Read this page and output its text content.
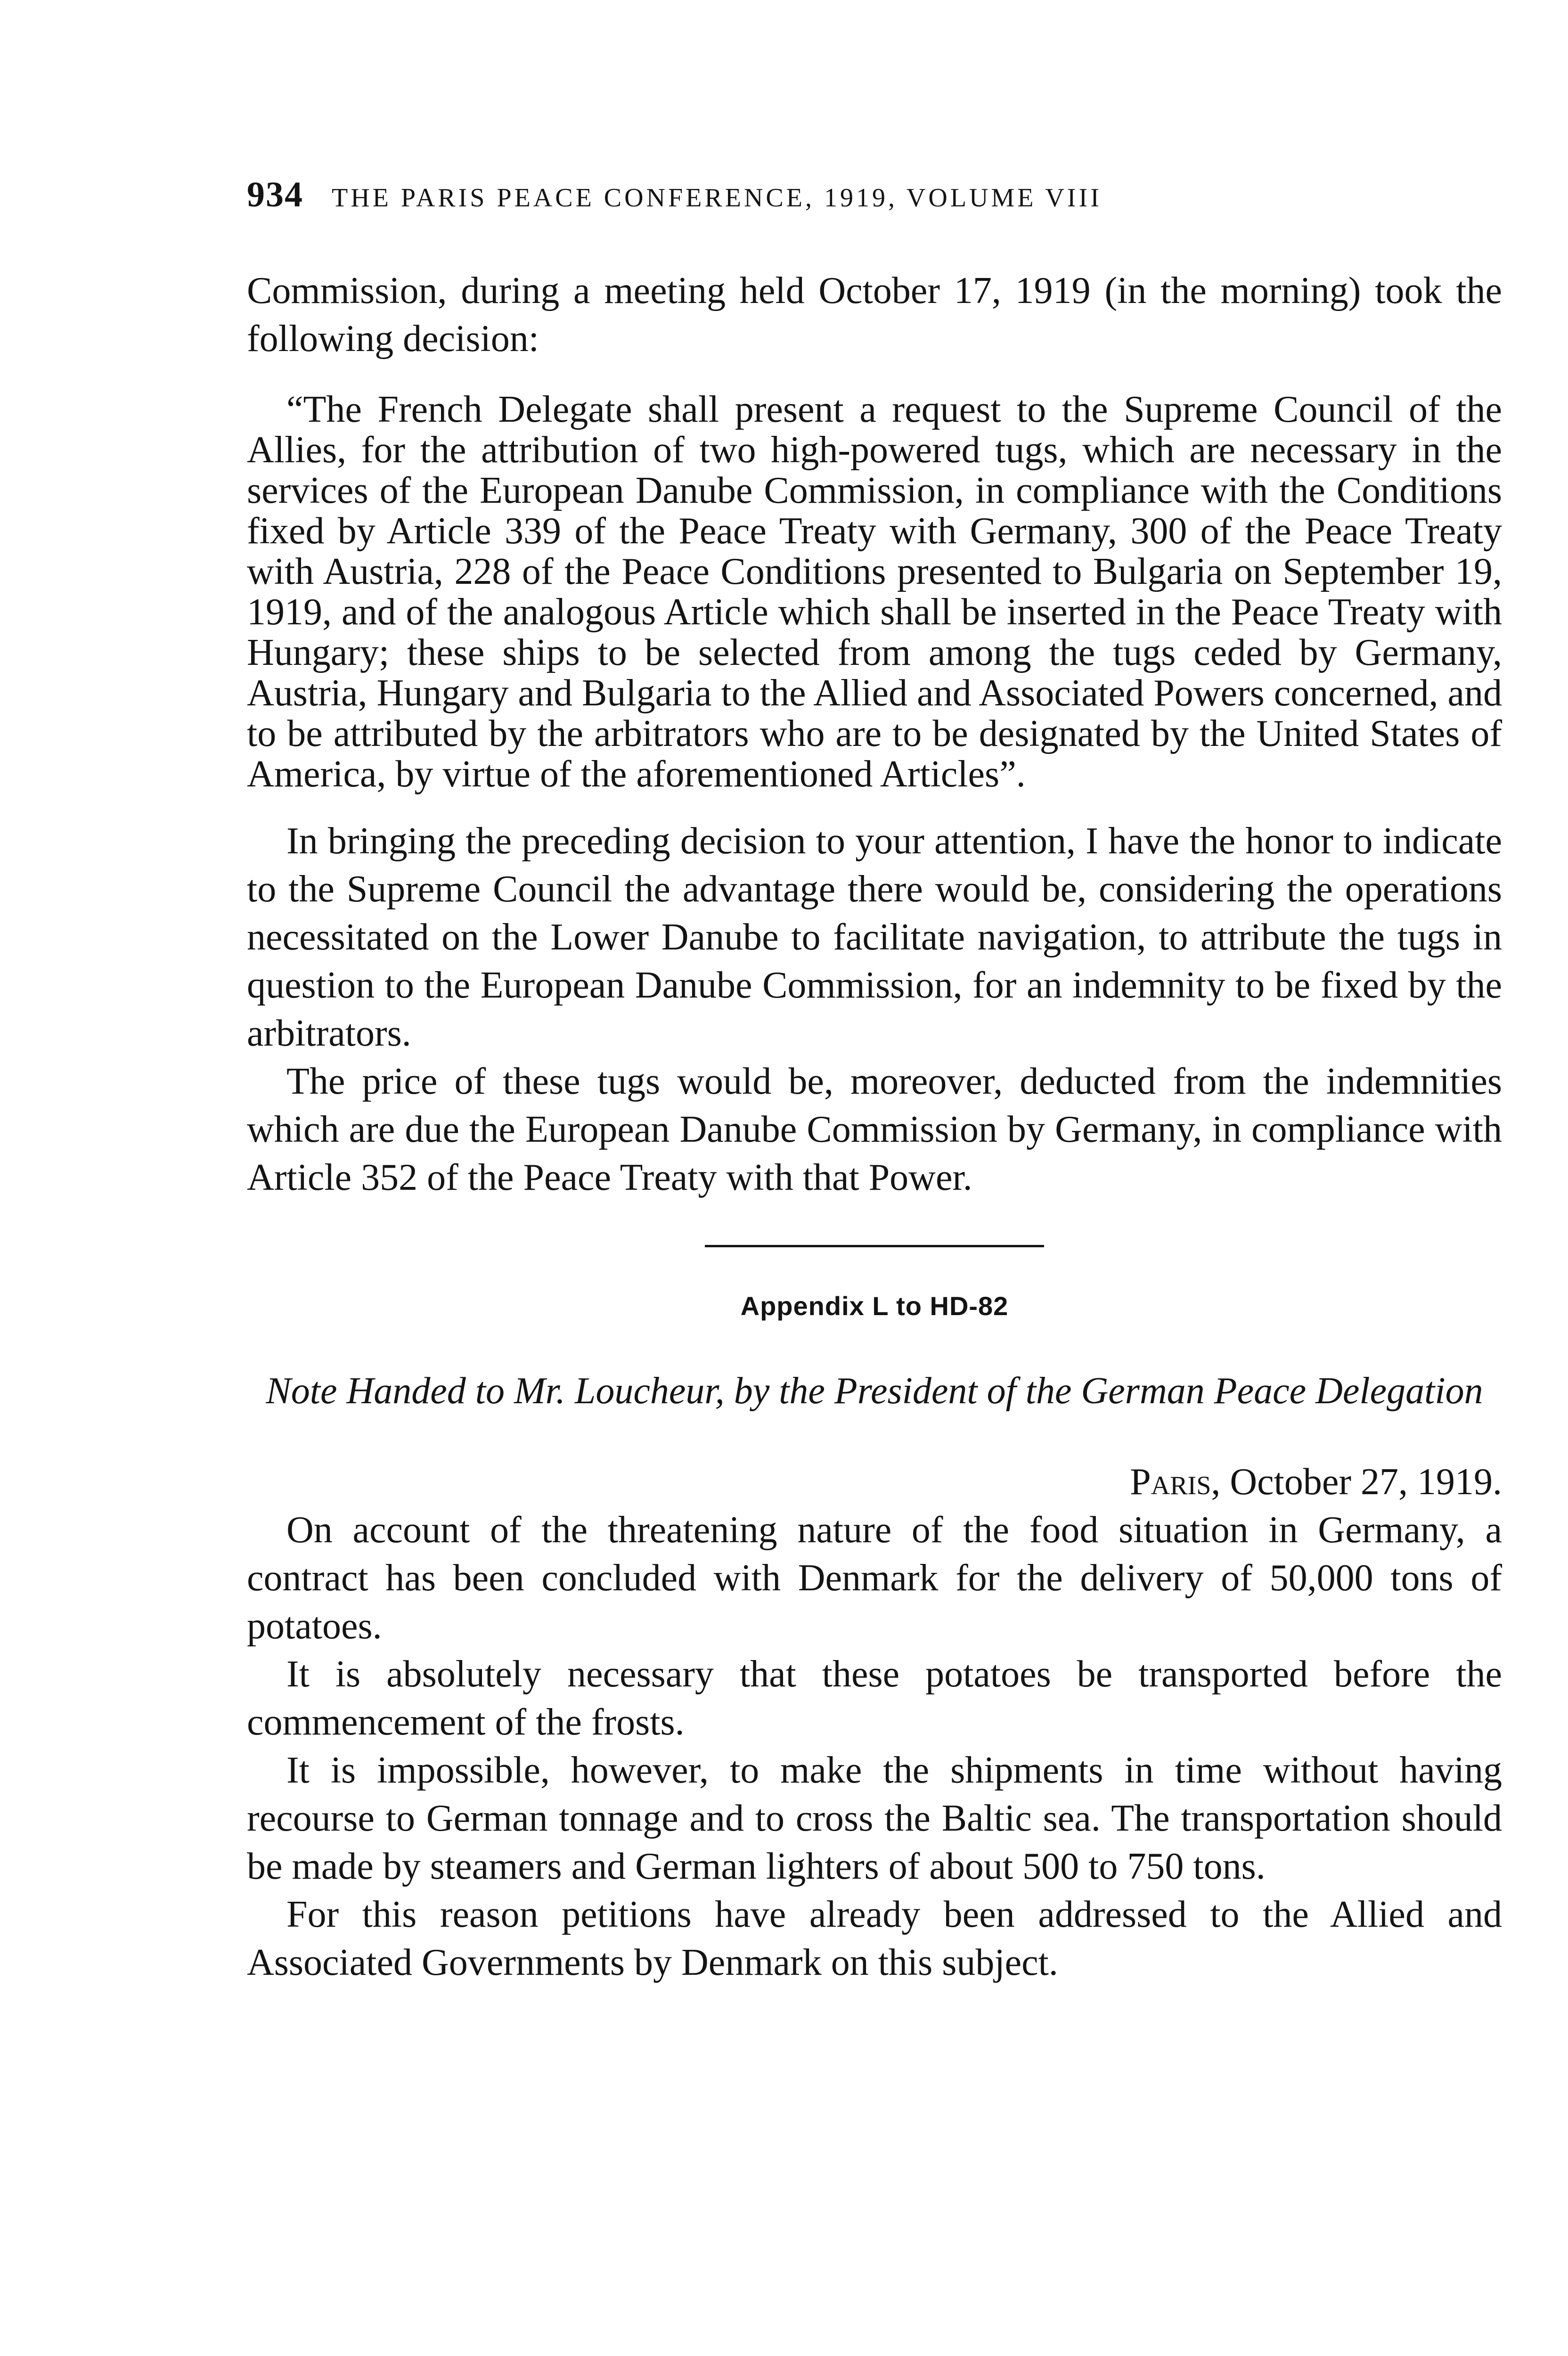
934 THE PARIS PEACE CONFERENCE, 1919, VOLUME VIII

Commission, during a meeting held October 17, 1919 (in the morning) took the following decision:

“The French Delegate shall present a request to the Supreme Council of the Allies, for the attribution of two high-powered tugs, which are necessary in the services of the European Danube Commission, in compliance with the Conditions fixed by Article 339 of the Peace Treaty with Germany, 300 of the Peace Treaty with Austria, 228 of the Peace Conditions presented to Bulgaria on September 19, 1919, and of the analogous Article which shall be inserted in the Peace Treaty with Hungary; these ships to be selected from among the tugs ceded by Germany, Austria, Hungary and Bulgaria to the Allied and Associated Powers concerned, and to be attributed by the arbitrators who are to be designated by the United States of America, by virtue of the aforementioned Articles”.

In bringing the preceding decision to your attention, I have the honor to indicate to the Supreme Council the advantage there would be, considering the operations necessitated on the Lower Danube to facilitate navigation, to attribute the tugs in question to the European Danube Commission, for an indemnity to be fixed by the arbitrators.

The price of these tugs would be, moreover, deducted from the indemnities which are due the European Danube Commission by Germany, in compliance with Article 352 of the Peace Treaty with that Power.

Appendix L to HD-82
Note Handed to Mr. Loucheur, by the President of the German Peace Delegation
Paris, October 27, 1919.

On account of the threatening nature of the food situation in Germany, a contract has been concluded with Denmark for the delivery of 50,000 tons of potatoes.

It is absolutely necessary that these potatoes be transported before the commencement of the frosts.

It is impossible, however, to make the shipments in time without having recourse to German tonnage and to cross the Baltic sea. The transportation should be made by steamers and German lighters of about 500 to 750 tons.

For this reason petitions have already been addressed to the Allied and Associated Governments by Denmark on this subject.
